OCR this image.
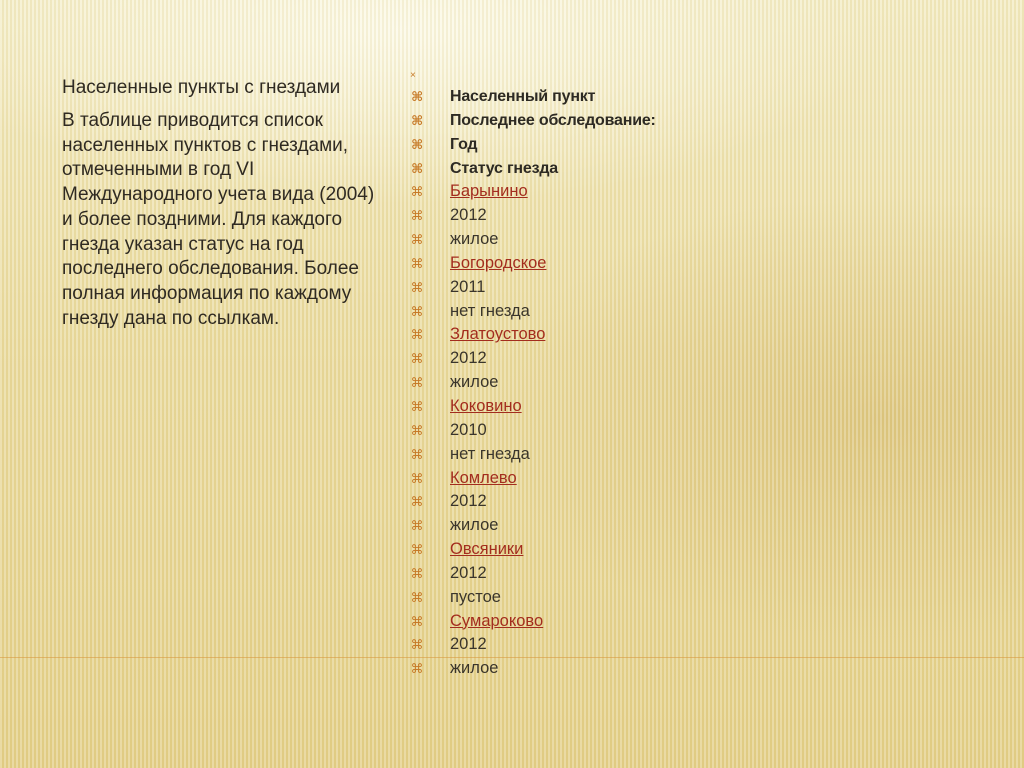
Населенные пункты с гнездами
В таблице приводится список населенных пунктов с гнездами, отмеченными в год VI Международного учета вида (2004) и более поздними. Для каждого гнезда указан статус на год последнего обследования. Более полная информация по каждому гнезду дана по ссылкам.
×
⌘ Населенный пункт
⌘ Последнее обследование:
⌘ Год
⌘ Статус гнезда
⌘ Барынино
⌘ 2012
⌘ жилое
⌘ Богородское
⌘ 2011
⌘ нет гнезда
⌘ Златоустово
⌘ 2012
⌘ жилое
⌘ Коковино
⌘ 2010
⌘ нет гнезда
⌘ Комлево
⌘ 2012
⌘ жилое
⌘ Овсяники
⌘ 2012
⌘ пустое
⌘ Сумароково
⌘ 2012
⌘ жилое
